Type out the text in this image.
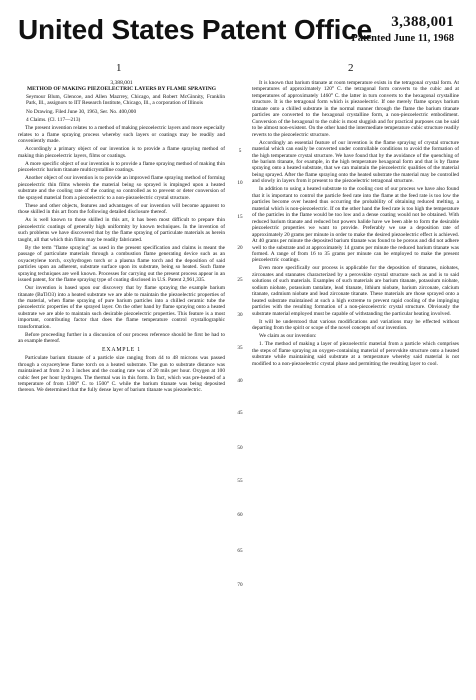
United States Patent Office 3,388,001
Patented June 11, 1968
1	2
3,388,001
METHOD OF MAKING PIEZOELECTRIC LAYERS BY FLAME SPRAYING

Seymour Blum, Glencoe, and Allen Mazrrey, Chicago, and Robert McGinnity, Franklin Park, Ill., assignors to IIT Research Institute, Chicago, Ill., a corporation of Illinois

No Drawing. Filed June 30, 1963, Ser. No. 400,000

4 Claims. (Cl. 117—213)

The present invention relates to a method of making piezoelectric layers and more especially relates to a flame spraying process whereby such layers or coatings may be readily and conveniently made.

Accordingly a primary object of our invention is to provide a flame spraying method of making thin piezoelectric layers, films or coatings.

A more specific object of our invention is to provide a flame spraying method of making thin piezoelectric barium titanate multicrystalline coatings.

Another object of our invention is to provide an improved flame spraying method of forming piezoelectric thin films wherein the material being so sprayed is impinged upon a heated substrate and the cooling rate of the coating so controlled as to prevent or deter conversion of the sprayed material from a piezoelectric to a non-piezoelectric crystal structure.

These and other objects, features and advantages of our invention will become apparent to those skilled in this art from the following detailed disclosure thereof.

As is well known to those skilled in this art, it has been most difficult to prepare thin piezoelectric coatings of generally high uniformity by known techniques. In the invention of such problems we have discovered that by the flame spraying of particulate materials as herein taught, all that which thin films may be readily fabricated.

By the term "flame spraying" as used in the present specification and claims is meant the passage of particulate materials through a combustion flame generating device such as an oxyacetylene torch, oxyhydrogen torch or a plasma flame torch and the deposition of said particles upon an adherent, substrate surface upon its substrate, being so heated. Such flame spraying techniques are well known. Processes for carrying out the present process appear in an issued patent, for the flame spraying type of coating disclosed in U.S. Patent 2,961,335.

Our invention is based upon our discovery that by flame spraying the example barium titanate (BaTiO3) into a heated substrate we are able to maintain the piezoelectric properties of the material, when flame spraying of pure barium particles into a chilled ceramic tube the piezoelectric properties of the sprayed layer. On the other hand by flame spraying onto a heated substrate we are able to maintain such desirable piezoelectric properties. This feature is a most important, contributing factor that does the flame temperature control crystallographic transformation.

Before proceeding further in a discussion of our process reference should be first be had to an example thereof.

EXAMPLE 1

Particulate barium titanate of a particle size ranging from 44 to 48 microns was passed through a oxyacetylene flame torch on a heated substrate. The gun to substrate distance was maintained at from 2 to 3 inches and the coating rate was of 20 mils per hour. Oxygen at 100 cubic feet per hour hydrogen. The thermal was in this form. In fact, which was pre-heated of a temperature of from 1300° C. to 1500° C. while the barium titanate was being deposited thereon. We determined that the fully dense layer of barium titanate was piezoelectric.

It is known that barium titanate at room temperature exists in the tetragonal crystal form. At temperatures of approximately 120° C. the tetragonal form converts to the cubic and at temperatures of approximately 1460° C. the latter in turn converts to the hexagonal crystalline structure. It is the tetragonal form which is piezoelectric. If one merely flame sprays barium titanate onto a chilled substrate in the normal manner through the flame the barium titanate particles are converted to the hexagonal crystalline form, a non-piezoelectric embodiment. Conversion of the hexagonal to the cubic is most sluggish and for practical purposes can be said to be almost non-existent. On the other hand the intermediate temperature cubic structure readily reverts to the piezoelectric structure.

Accordingly an essential feature of our invention is the flame spraying of crystal structure material which can easily be converted under controllable conditions to avoid the formation of the high temperature crystal structure. We have found that by the avoidance of the quenching of the barium titanate, for example, in the high temperature hexagonal form and that is by flame spraying onto a heated substrate, that we can maintain the piezoelectric qualities of the material being sprayed. After the flame spraying onto the heated substrate the material may be controlled and slowly in layers from it present to the piezoelectric tetragonal structure.

In addition to using a heated substrate to the cooling cost of our process we have also found that it is important to control the particle feed rate into the flame at the feed rate is too low the particles become over heated thus occurring the probability of obtaining reduced melting, a material which is non-piezoelectric. If on the other hand the feed rate is too high the temperature of the particles in the flame would be too low and a dense coating would not be obtained. With reduced barium titanate and reduced but powers halide have we been able to form the desirable piezoelectric properties we want to provide. Preferably we use a deposition rate of approximately 20 grams per minute in order to make the desired piezoelectric effect is achieved. At 40 grams per minute the deposited barium titanate was found to be porous and did not adhere well to the substrate and at approximately 14 grams per minute the reduced barium titanate was formed. A range of from 16 to 35 grams per minute can be employed to make the present piezoelectric coatings.

Even more specifically our process is applicable for the deposition of titanates, niobates, zirconates and stannates characterized by a perovskite crystal structure such as and is to said solutions of such materials. Examples of such materials are barium titanate, potassium niobate, sodium niobate, potassium tantalate, lead titanate, lithium niobate, barium zirconate, calcium titanate, cadmium niobate and lead zirconate titanate. These materials are those sprayed onto a heated substrate maintained at such a high extreme to prevent rapid cooling of the impinging particles with the resulting formation of a non-piezoelectric crystal structure. Obviously the substrate material employed must be capable of withstanding the particular heating involved.

It will be understood that various modifications and variations may be effected without departing from the spirit or scope of the novel concepts of our invention.

We claim as our invention:

1. The method of making a layer of piezoelectric material from a particle which comprises the steps of flame spraying an oxygen-containing material of perovskite structure onto a heated substrate while maintaining said substrate at a temperature whereby said material is not modified to a non-piezoelectric crystal phase and permitting the resulting layer to cool.

5
10
15
20
25
30
35
40
45
50
55
60
65
70
